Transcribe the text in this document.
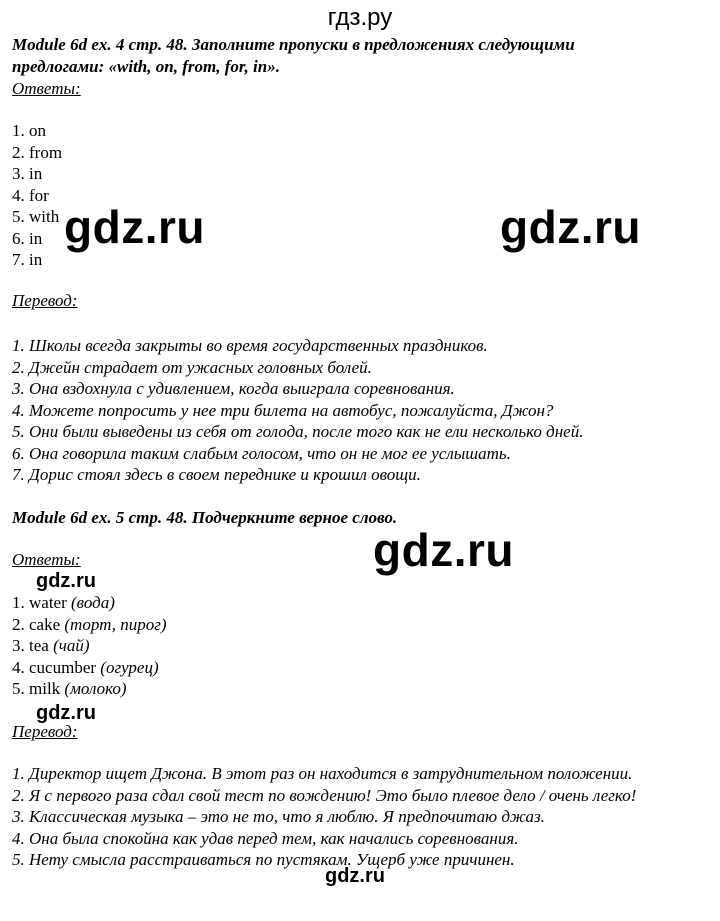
гдз.ру
Module 6d ex. 4 стр. 48. Заполните пропуски в предложениях следующими
предлогами: «with, on, from, for, in».
Ответы:
1. on
2. from
3. in
4. for
5. with
6. in
7. in
Перевод:
1. Школы всегда закрыты во время государственных праздников.
2. Джейн страдает от ужасных головных болей.
3. Она вздохнула с удивлением, когда выиграла соревнования.
4. Можете попросить у нее три билета на автобус, пожалуйста, Джон?
5. Они были выведены из себя от голода, после того как не ели несколько дней.
6. Она говорила таким слабым голосом, что он не мог ее услышать.
7. Дорис стоял здесь в своем переднике и крошил овощи.
Module 6d ex. 5 стр. 48. Подчеркните верное слово.
Ответы:
1. water (вода)
2. cake (торт, пирог)
3. tea (чай)
4. cucumber (огурец)
5. milk (молоко)
Перевод:
1. Директор ищет Джона. В этот раз он находится в затруднительном положении.
2. Я с первого раза сдал свой тест по вождению! Это было плевое дело / очень легко!
3. Классическая музыка – это не то, что я люблю. Я предпочитаю джаз.
4. Она была спокойна как удав перед тем, как начались соревнования.
5. Нету смысла расстраиваться по пустякам. Ущерб уже причинен.
gdz.ru	gdz.ru
gdz.ru
gdz.ru
gdz.ru
gdz.ru
